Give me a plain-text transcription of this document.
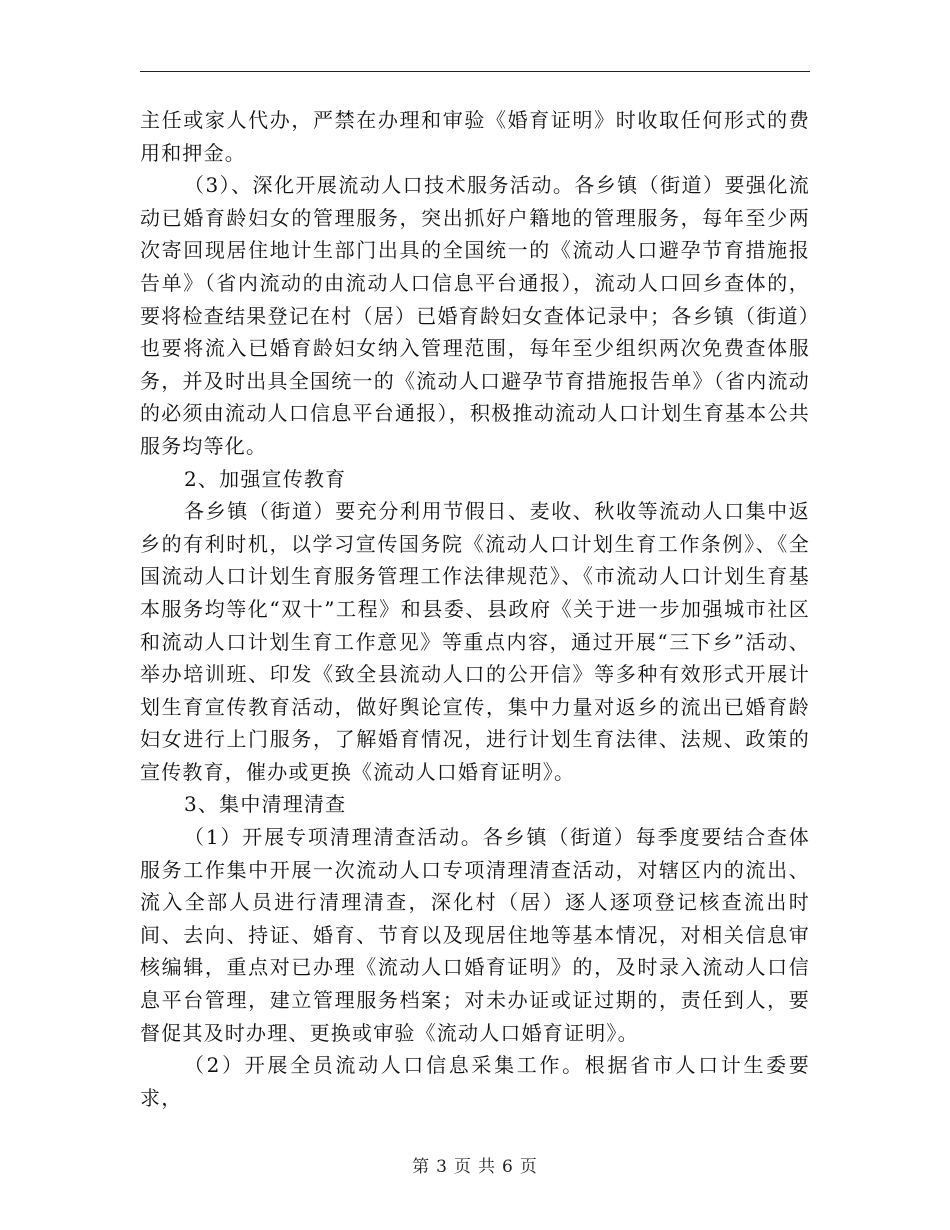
主任或家人代办，严禁在办理和审验《婚育证明》时收取任何形式的费用和押金。

（3）、深化开展流动人口技术服务活动。各乡镇（街道）要强化流动已婚育龄妇女的管理服务，突出抓好户籍地的管理服务，每年至少两次寄回现居住地计生部门出具的全国统一的《流动人口避孕节育措施报告单》（省内流动的由流动人口信息平台通报），流动人口回乡查体的，要将检查结果登记在村（居）已婚育龄妇女查体记录中；各乡镇（街道）也要将流入已婚育龄妇女纳入管理范围，每年至少组织两次免费查体服务，并及时出具全国统一的《流动人口避孕节育措施报告单》（省内流动的必须由流动人口信息平台通报），积极推动流动人口计划生育基本公共服务均等化。

2、加强宣传教育

各乡镇（街道）要充分利用节假日、麦收、秋收等流动人口集中返乡的有利时机，以学习宣传国务院《流动人口计划生育工作条例》、《全国流动人口计划生育服务管理工作法律规范》、《市流动人口计划生育基本服务均等化“双十”工程》和县委、县政府《关于进一步加强城市社区和流动人口计划生育工作意见》等重点内容，通过开展“三下乡”活动、举办培训班、印发《致全县流动人口的公开信》等多种有效形式开展计划生育宣传教育活动，做好舆论宣传，集中力量对返乡的流出已婚育龄妇女进行上门服务，了解婚育情况，进行计划生育法律、法规、政策的宣传教育，催办或更换《流动人口婚育证明》。

3、集中清理清查

（1）开展专项清理清查活动。各乡镇（街道）每季度要结合查体服务工作集中开展一次流动人口专项清理清查活动，对辖区内的流出、流入全部人员进行清理清查，深化村（居）逐人逐项登记核查流出时间、去向、持证、婚育、节育以及现居住地等基本情况，对相关信息审核编辑，重点对已办理《流动人口婚育证明》的，及时录入流动人口信息平台管理，建立管理服务档案；对未办证或证过期的，责任到人，要督促其及时办理、更换或审验《流动人口婚育证明》。

（2）开展全员流动人口信息采集工作。根据省市人口计生委要求，

第 3 页 共 6 页
